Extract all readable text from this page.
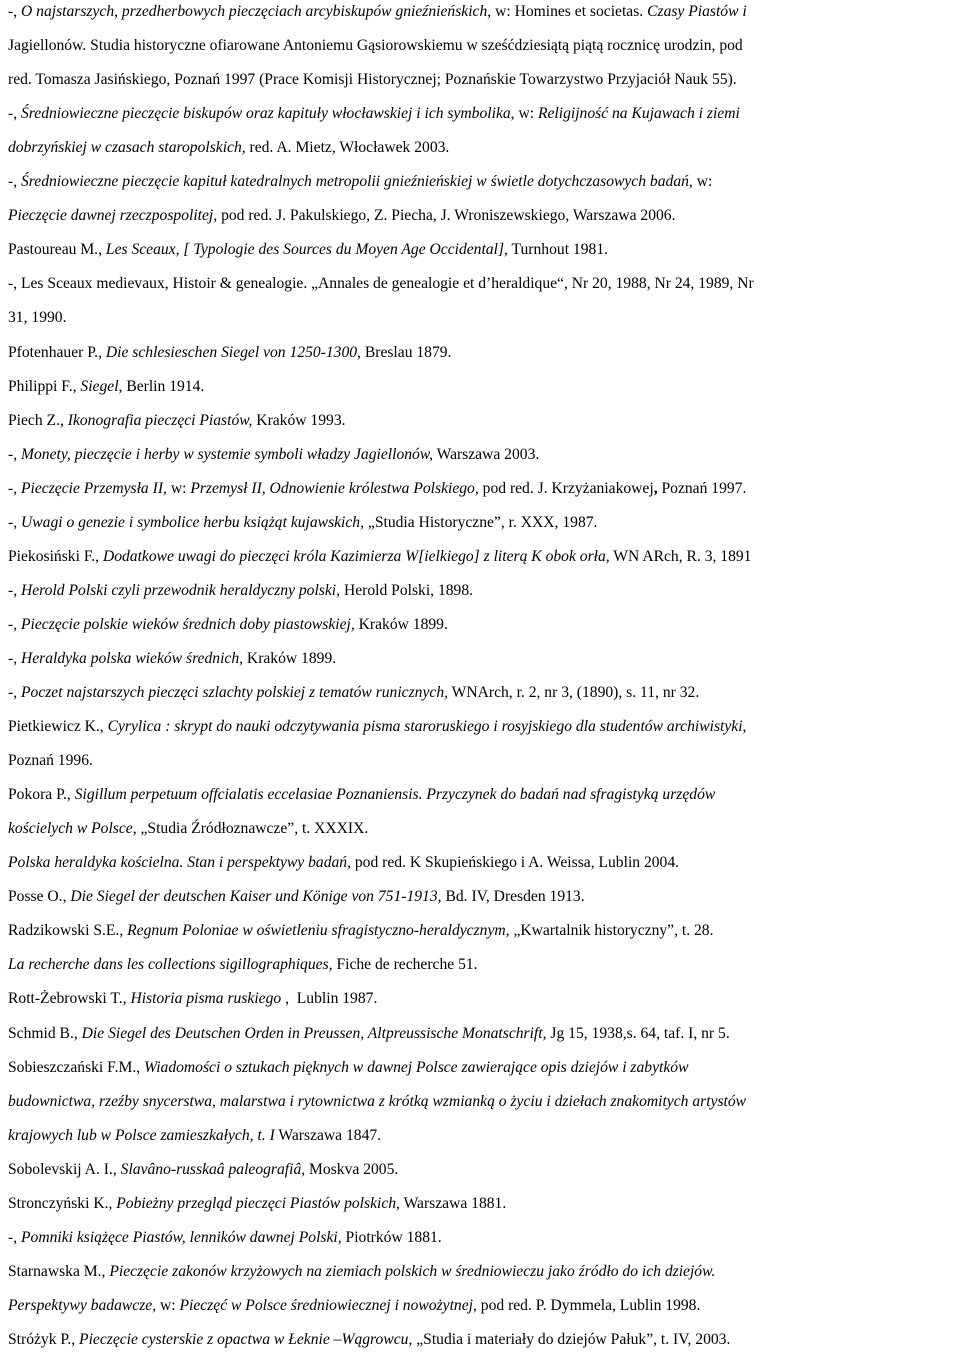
-, O najstarszych, przedherbowych pieczęciach arcybiskupów gnieźnieńskich, w: Homines et societas. Czasy Piastów i
Jagiellonów. Studia historyczne ofiarowane Antoniemu Gąsiorowskiemu w sześćdziesiątą piątą rocznicę urodzin, pod
red. Tomasza Jasińskiego, Poznań 1997 (Prace Komisji Historycznej; Poznańskie Towarzystwo Przyjaciół Nauk 55).
-, Średniowieczne pieczęcie biskupów oraz kapituły włocławskiej i ich symbolika, w: Religijność na Kujawach i ziemi
dobrzyńskiej w czasach staropolskich, red. A. Mietz, Włocławek 2003.
-, Średniowieczne pieczęcie kapituł katedralnych metropolii gnieźnieńskiej w świetle dotychczasowych badań, w:
Pieczęcie dawnej rzeczpospolitej, pod red. J. Pakulskiego, Z. Piecha, J. Wroniszewskiego, Warszawa 2006.
Pastoureau M., Les Sceaux, [ Typologie des Sources du Moyen Age Occidental], Turnhout 1981.
-, Les Sceaux medievaux, Histoir & genealogie. „Annales de genealogie et d’heraldique“, Nr 20, 1988, Nr 24, 1989, Nr
31, 1990.
Pfotenhauer P., Die schlesieschen Siegel von 1250-1300, Breslau 1879.
Philippi F., Siegel, Berlin 1914.
Piech Z., Ikonografia pieczęci Piastów, Kraków 1993.
-, Monety, pieczęcie i herby w systemie symboli władzy Jagiellonów, Warszawa 2003.
-, Pieczęcie Przemysła II, w: Przemysł II, Odnowienie królestwa Polskiego, pod red. J. Krzyżaniakowej, Poznań 1997.
-, Uwagi o genezie i symbolice herbu książąt kujawskich, „Studia Historyczne”, r. XXX, 1987.
Piekosiński F., Dodatkowe uwagi do pieczęci króla Kazimierza W[ielkiego] z literą K obok orła, WN ARch, R. 3, 1891
-, Herold Polski czyli przewodnik heraldyczny polski, Herold Polski, 1898.
-, Pieczęcie polskie wieków średnich doby piastowskiej, Kraków 1899.
-, Heraldyka polska wieków średnich, Kraków 1899.
-, Poczet najstarszych pieczęci szlachty polskiej z tematów runicznych, WNArch, r. 2, nr 3, (1890), s. 11, nr 32.
Pietkiewicz K., Cyrylica : skrypt do nauki odczytywania pisma staroruskiego i rosyjskiego dla studentów archiwistyki,
Poznań 1996.
Pokora P., Sigillum perpetuum offcialatis eccelasiae Poznaniensis. Przyczynek do badań nad sfragistyką urzędów
kościelych w Polsce, „Studia Źródłoznawcze”, t. XXXIX.
Polska heraldyka kościelna. Stan i perspektywy badań, pod red. K Skupieńskiego i A. Weissa, Lublin 2004.
Posse O., Die Siegel der deutschen Kaiser und Könige von 751-1913, Bd. IV, Dresden 1913.
Radzikowski S.E., Regnum Poloniae w oświetleniu sfragistyczno-heraldycznym, „Kwartalnik historyczny”, t. 28.
La recherche dans les collections sigillographiques, Fiche de recherche 51.
Rott-Żebrowski T., Historia pisma ruskiego ,  Lublin 1987.
Schmid B., Die Siegel des Deutschen Orden in Preussen, Altpreussische Monatschrift, Jg 15, 1938,s. 64, taf. I, nr 5.
Sobieszczański F.M., Wiadomości o sztukach pięknych w dawnej Polsce zawierające opis dziejów i zabytków
budownictwa, rzeźby snycerstwa, malarstwa i rytownictwa z krótką wzmianką o życiu i dziełach znakomitych artystów
krajowych lub w Polsce zamieszkałych, t. I Warszawa 1847.
Sobolevskij A. I., Slavâno-russkaâ paleografiâ, Moskva 2005.
Stronczyński K., Pobieżny przegląd pieczęci Piastów polskich, Warszawa 1881.
-, Pomniki książęce Piastów, lenników dawnej Polski, Piotrków 1881.
Starnawska M., Pieczęcie zakonów krzyżowych na ziemiach polskich w średniowieczu jako źródło do ich dziejów.
Perspektywy badawcze, w: Pieczęć w Polsce średniowiecznej i nowożytnej, pod red. P. Dymmela, Lublin 1998.
Stróżyk P., Pieczęcie cysterskie z opactwa w Łeknie –Wągrowcu, „Studia i materiały do dziejów Pałuk”, t. IV, 2003.
